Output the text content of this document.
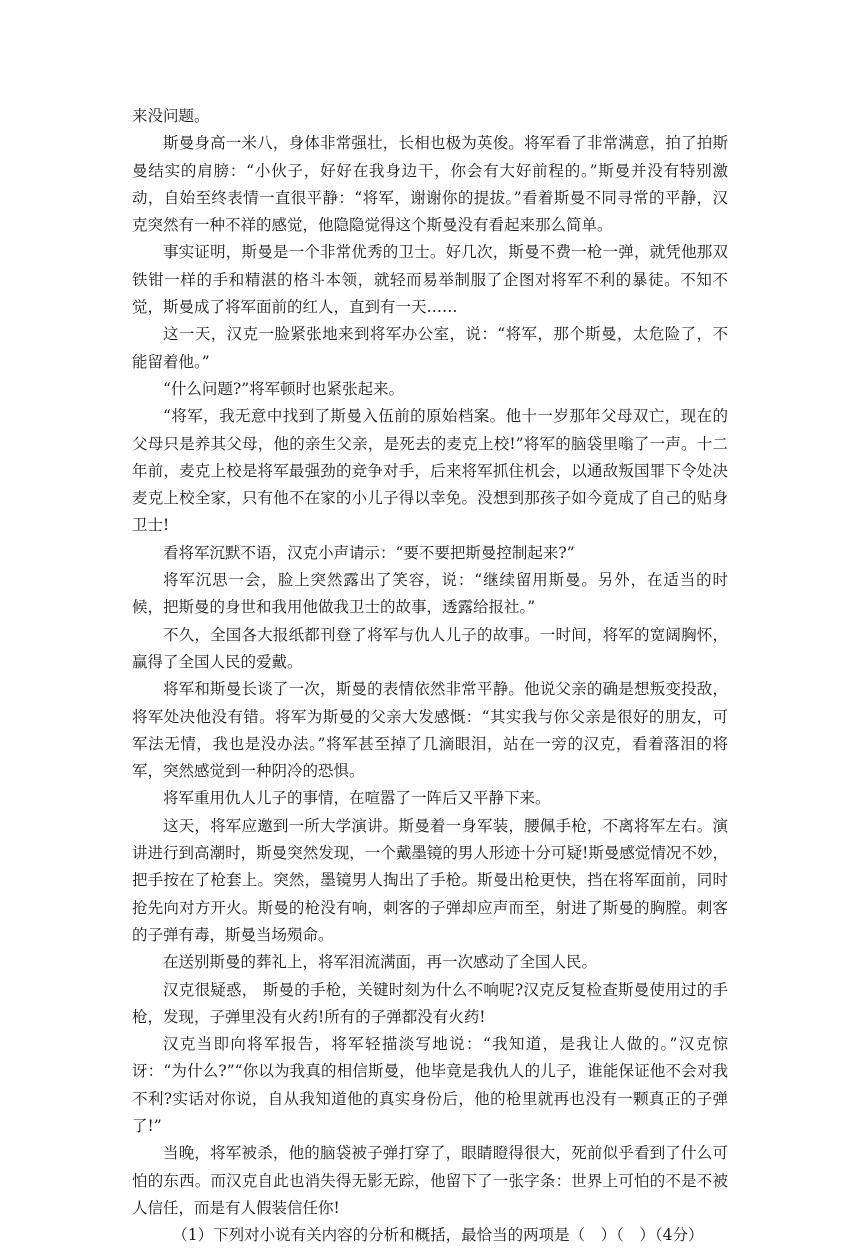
来没问题。

斯曼身高一米八，身体非常强壮，长相也极为英俊。将军看了非常满意，拍了拍斯曼结实的肩膀：“小伙子，好好在我身边干，你会有大好前程的。”斯曼并没有特别激动，自始至终表情一直很平静：“将军，谢谢你的提拔。”看着斯曼不同寻常的平静，汉克突然有一种不祥的感觉，他隐隐觉得这个斯曼没有看起来那么简单。

事实证明，斯曼是一个非常优秀的卫士。好几次，斯曼不费一枪一弹，就凭他那双铁钳一样的手和精湛的格斗本领，就轻而易举制服了企图对将军不利的暴徒。不知不觉，斯曼成了将军面前的红人，直到有一天……

这一天，汉克一脸紧张地来到将军办公室，说：“将军，那个斯曼，太危险了，不能留着他。”

“什么问题?”将军顿时也紧张起来。

“将军，我无意中找到了斯曼入伍前的原始档案。他十一岁那年父母双亡，现在的父母只是养其父母，他的亲生父亲，是死去的麦克上校!”将军的脑袋里嗡了一声。十二年前，麦克上校是将军最强劲的竞争对手，后来将军抓住机会，以通敌叛国罪下令处决麦克上校全家，只有他不在家的小儿子得以幸免。没想到那孩子如今竟成了自己的贴身卫士!

看将军沉默不语，汉克小声请示：“要不要把斯曼控制起来?”

将军沉思一会，脸上突然露出了笑容，说：“继续留用斯曼。另外，在适当的时候，把斯曼的身世和我用他做我卫士的故事，透露给报社。”

不久，全国各大报纸都刊登了将军与仇人儿子的故事。一时间，将军的宽阔胸怀，赢得了全国人民的爱戴。

将军和斯曼长谈了一次，斯曼的表情依然非常平静。他说父亲的确是想叛变投敌，将军处决他没有错。将军为斯曼的父亲大发感慨：“其实我与你父亲是很好的朋友，可军法无情，我也是没办法。”将军甚至掉了几滴眼泪，站在一旁的汉克，看着落泪的将军，突然感觉到一种阴冷的恐惧。

将军重用仇人儿子的事情，在喧嚣了一阵后又平静下来。

这天，将军应邀到一所大学演讲。斯曼着一身军装，腰佩手枪，不离将军左右。演讲进行到高潮时，斯曼突然发现，一个戴墨镜的男人形迹十分可疑!斯曼感觉情况不妙，把手按在了枪套上。突然，墨镜男人掏出了手枪。斯曼出枪更快，挡在将军面前，同时抢先向对方开火。斯曼的枪没有响，刺客的子弹却应声而至，射进了斯曼的胸膛。刺客的子弹有毒，斯曼当场殒命。

在送别斯曼的葬礼上，将军泪流满面，再一次感动了全国人民。

汉克很疑惑， 斯曼的手枪，关键时刻为什么不响呢?汉克反复检查斯曼使用过的手枪，发现，子弹里没有火药!所有的子弹都没有火药!

汉克当即向将军报告，将军轻描淡写地说：“我知道，是我让人做的。”汉克惊讶：“为什么?”“你以为我真的相信斯曼，他毕竟是我仇人的儿子，谁能保证他不会对我不利?实话对你说，自从我知道他的真实身份后，他的枪里就再也没有一颗真正的子弹了!”

当晚，将军被杀，他的脑袋被子弹打穿了，眼睛瞪得很大，死前似乎看到了什么可怕的东西。而汉克自此也消失得无影无踪，他留下了一张字条：世界上可怕的不是不被人信任，而是有人假装信任你!

（1）下列对小说有关内容的分析和概括，最恰当的两项是（　）（　）（4分）
